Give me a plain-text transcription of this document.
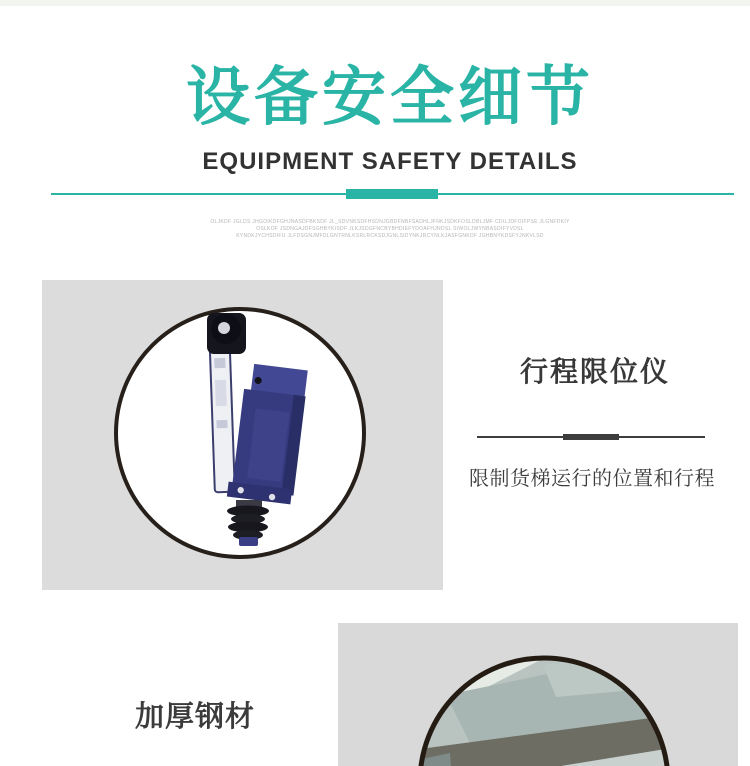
设备安全细节
EQUIPMENT SAFETY DETAILS
OLJKDF JGLDS JHGOIKDFGHJNASDFBKSDF JL_SDVNKSDFHSDNJGBDFNBFSADHLJFNKJSDKFOSLDBLJMF CDILJDFOIFPSE JLGNFDKIY
OSLKOF JSDNGAJDFSGHBYKISDF JLKJSDGFNCBYBHDIEFYDOAFHJNDSL SIWOLJWYNBASDIFYVDSL
KYNDKJYCHSDIFU JLFDSGNJMFDLGNTRNLKSRLRCKSDJGNLSIDYNKJRCYNLKJASFGNKDF JGHBNYKDSFYJNKVLSD
行程限位仪
限制货梯运行的位置和行程
加厚钢材
